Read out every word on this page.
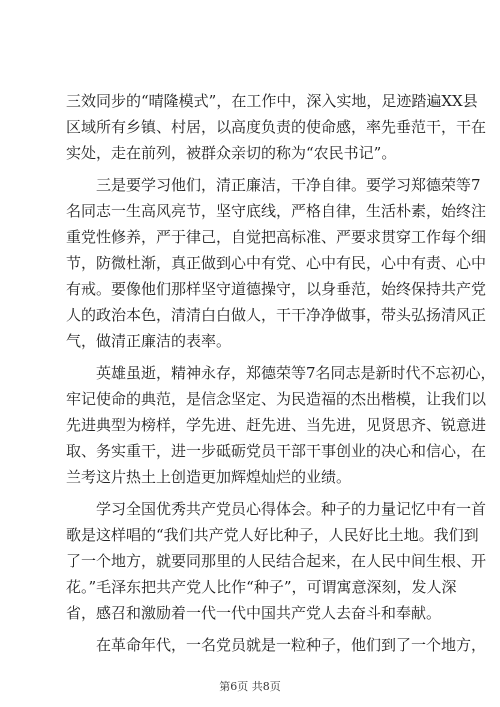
三效同步的“晴隆模式”，在工作中，深入实地，足迹踏遍XX县
区域所有乡镇、村居，以高度负责的使命感，率先垂范干，干在
实处，走在前列，被群众亲切的称为“农民书记”。
三是要学习他们，清正廉洁，干净自律。要学习郑德荣等7
名同志一生高风亮节，坚守底线，严格自律，生活朴素，始终注
重党性修养，严于律己，自觉把高标准、严要求贯穿工作每个细
节，防微杜渐，真正做到心中有党、心中有民，心中有责、心中
有戒。要像他们那样坚守道德操守，以身垂范，始终保持共产党
人的政治本色，清清白白做人，干干净净做事，带头弘扬清风正
气，做清正廉洁的表率。
英雄虽逝，精神永存，郑德荣等7名同志是新时代不忘初心，
牢记使命的典范，是信念坚定、为民造福的杰出楷模，让我们以
先进典型为榜样，学先进、赶先进、当先进，见贤思齐、锐意进
取、务实重干，进一步砥砺党员干部干事创业的决心和信心，在
兰考这片热土上创造更加辉煌灿烂的业绩。
学习全国优秀共产党员心得体会。种子的力量记忆中有一首
歌是这样唱的“我们共产党人好比种子，人民好比土地。我们到
了一个地方，就要同那里的人民结合起来，在人民中间生根、开
花。”毛泽东把共产党人比作“种子”，可谓寓意深刻，发人深
省，感召和激励着一代一代中国共产党人去奋斗和奉献。
在革命年代，一名党员就是一粒种子，他们到了一个地方，
第6页 共8页
